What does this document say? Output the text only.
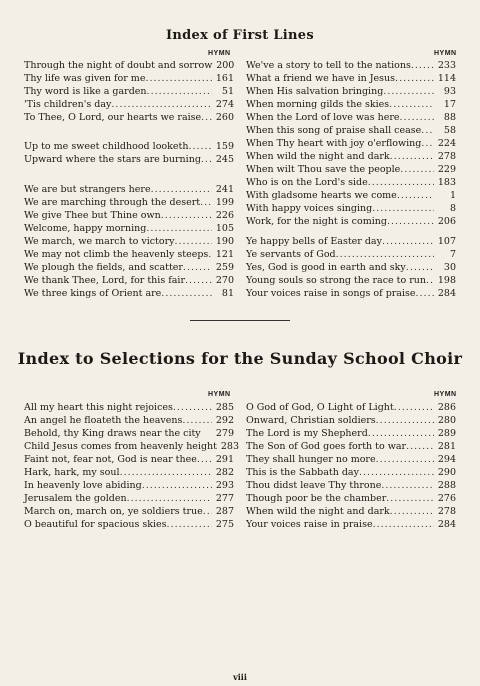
Index of First Lines
HYMN	HYMN
Through the night of doubt and sorrow 200
Thy life was given for me .....	161
Thy word is like a garden .....	51
'Tis children's day .....	274
To Thee, O Lord, our hearts we raise .....	260
Up to me sweet childhood looketh .....	159
Upward where the stars are burning .....	245
We are but strangers here .....	241
We are marching through the desert .....	199
We give Thee but Thine own .....	226
Welcome, happy morning .....	105
We march, we march to victory .....	190
We may not climb the heavenly steeps ..... 121
We plough the fields, and scatter .....	259
We thank Thee, Lord, for this fair .....	270
We three kings of Orient are .....	81
We've a story to tell to the nations .....	233
What a friend we have in Jesus .....	114
When His salvation bringing .....	93
When morning gilds the skies .....	17
When the Lord of love was here .....	88
When this song of praise shall cease .....	58
When Thy heart with joy o'erflowing .....	224
When wild the night and dark .....	278
When wilt Thou save the people .....	229
Who is on the Lord's side .....	183
With gladsome hearts we come .....	1
With happy voices singing .....	8
Work, for the night is coming .....	206
Ye happy bells of Easter day .....	107
Ye servants of God .....	7
Yes, God is good in earth and sky .....	30
Young souls so strong the race to run .....	198
Your voices raise in songs of praise .....	284
Index to Selections for the Sunday School Choir
HYMN	HYMN
All my heart this night rejoices .....	285
An angel he floateth the heavens .....	292
Behold, thy King draws near the city	279
Child Jesus comes from heavenly height 283
Faint not, fear not, God is near thee .....	291
Hark, hark, my soul .....	282
In heavenly love abiding .....	293
Jerusalem the golden .....	277
March on, march on, ye soldiers true .....	287
O beautiful for spacious skies .....	275
O God of God, O Light of Light .....	286
Onward, Christian soldiers .....	280
The Lord is my Shepherd .....	289
The Son of God goes forth to war .....	281
They shall hunger no more .....	294
This is the Sabbath day .....	290
Thou didst leave Thy throne .....	288
Though poor be the chamber .....	276
When wild the night and dark .....	278
Your voices raise in praise .....	284
viii
